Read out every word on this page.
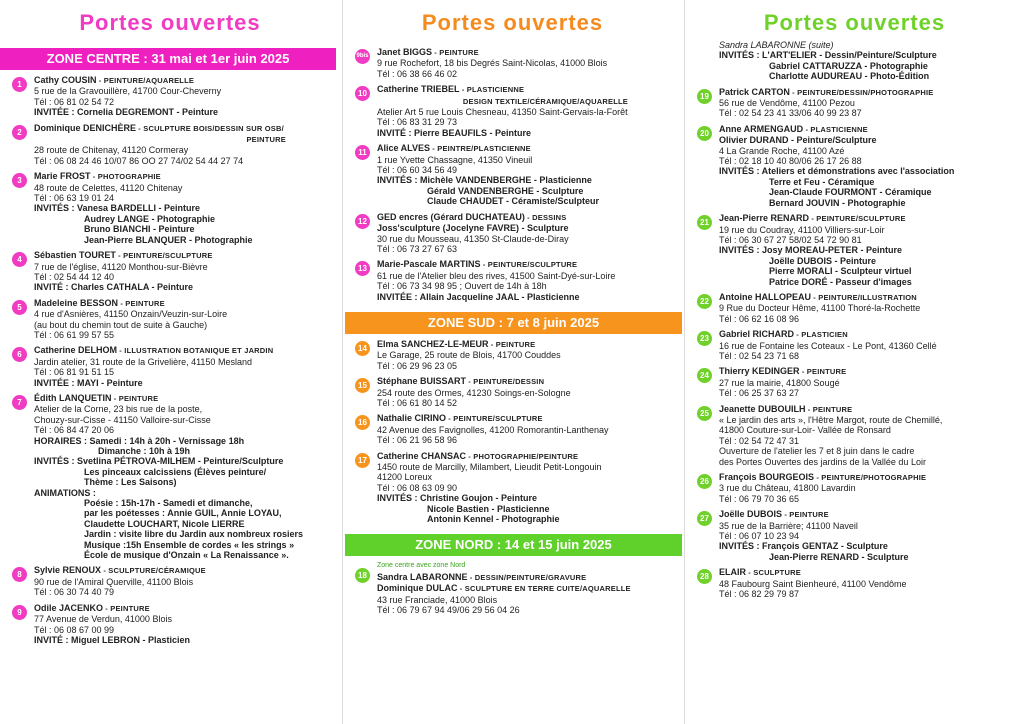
Portes ouvertes
ZONE CENTRE : 31 mai et 1er juin 2025
1	Cathy COUSIN - PEINTURE/AQUARELLE
5 rue de la Gravouillère, 41700 Cour-Cheverny
Tél : 06 81 02 54 72
INVITÉE : Cornelia DEGREMONT - Peinture
2	Dominique DENICHÈRE - SCULPTURE BOIS/DESSIN SUR OSB/
PEINTURE
28 route de Chitenay, 41120 Cormeray
Tél : 06 08 24 46 10/07 86 OO 27 74/02 54 44 27 74
3	Marie FROST - PHOTOGRAPHIE
48 route de Celettes, 41120 Chitenay
Tél : 06 63 19 01 24
INVITÉS : Vanesa BARDELLI - Peinture
Audrey LANGE - Photographie
Bruno BIANCHI - Peinture
Jean-Pierre BLANQUER - Photographie
4	Sébastien TOURET - PEINTURE/SCULPTURE
7 rue de l'église, 41120 Monthou-sur-Bièvre
Tél : 02 54 44 12 40
INVITÉ : Charles CATHALA - Peinture
5	Madeleine BESSON - PEINTURE
4 rue d'Asnières, 41150 Onzain/Veuzin-sur-Loire
(au bout du chemin tout de suite à Gauche)
Tél : 06 61 99 57 55
6	Catherine DELHOM - ILLUSTRATION BOTANIQUE ET JARDIN
Jardin atelier, 31 route de la Grivelière, 41150 Mesland
Tél : 06 81 91 51 15
INVITÉE : MAYI - Peinture
7	Édith LANQUETIN - PEINTURE
Atelier de la Corne, 23 bis rue de la poste,
Chouzy-sur-Cisse - 41150 Valloire-sur-Cisse
Tél : 06 84 47 20 06
HORAIRES : Samedi : 14h à 20h - Vernissage 18h
Dimanche : 10h à 19h
INVITÉS : Svetlina PÉTROVA-MILHEM - Peinture/Sculpture
Les pinceaux calcissiens (Élèves peinture/
Thème : Les Saisons)
ANIMATIONS :
Poésie : 15h-17h - Samedi et dimanche,
par les poétesses : Annie GUIL, Annie LOYAU,
Claudette LOUCHART, Nicole LIERRE
Jardin : visite libre du Jardin aux nombreux rosiers
Musique :15h Ensemble de cordes « les strings »
École de musique d'Onzain « La Renaissance ».
8	Sylvie RENOUX - SCULPTURE/CÉRAMIQUE
90 rue de l'Amiral Querville, 41100 Blois
Tél : 06 30 74 40 79
9	Odile JACENKO - PEINTURE
77 Avenue de Verdun, 41000 Blois
Tél : 06 08 67 00 99
INVITÉ : Miguel LEBRON - Plasticien
Portes ouvertes
9bis Janet BIGGS - PEINTURE
9 rue Rochefort, 18 bis Degrés Saint-Nicolas, 41000 Blois
Tél : 06 38 66 46 02
10	Catherine TRIEBEL - PLASTICIENNE
DESIGN TEXTILE/CÉRAMIQUE/AQUARELLE
Atelier Art 5 rue Louis Chesneau, 41350 Saint-Gervais-la-Forêt
Tél : 06 83 31 29 73
INVITÉ : Pierre BEAUFILS - Peinture
11	Alice ALVES - PEINTRE/PLASTICIENNE
1 rue Yvette Chassagne, 41350 Vineuil
Tél : 06 60 34 56 49
INVITÉS : Michèle VANDENBERGHE - Plasticienne
Gérald VANDENBERGHE - Sculpture
Claude CHAUDET - Céramiste/Sculpteur
12	GED encres (Gérard DUCHATEAU) - DESSINS
Joss'sculpture (Jocelyne FAVRE) - Sculpture
30 rue du Mousseau, 41350 St-Claude-de-Diray
Tél : 06 73 27 67 63
13	Marie-Pascale MARTINS - PEINTURE/SCULPTURE
61 rue de l'Atelier bleu des rives, 41500 Saint-Dyé-sur-Loire
Tél : 06 73 34 98 95 ; Ouvert de 14h à 18h
INVITÉE : Allain Jacqueline JAAL - Plasticienne
ZONE SUD : 7 et 8 juin 2025
14	Elma SANCHEZ-LE-MEUR - PEINTURE
Le Garage, 25 route de Blois, 41700 Couddes
Tél : 06 29 96 23 05
15	Stéphane BUISSART - PEINTURE/DESSIN
254 route des Ormes, 41230 Soings-en-Sologne
Tél : 06 61 80 14 52
16	Nathalie CIRINO - PEINTURE/SCULPTURE
42 Avenue des Favignolles, 41200 Romorantin-Lanthenay
Tél : 06 21 96 58 96
17	Catherine CHANSAC - PHOTOGRAPHIE/PEINTURE
1450 route de Marcilly, Milambert, Lieudit Petit-Longouin
41200 Loreux
Tél : 06 08 63 09 90
INVITÉS : Christine Goujon - Peinture
Nicole Bastien - Plasticienne
Antonin Kennel - Photographie
ZONE NORD : 14 et 15 juin 2025
18
Zone centre avec zone Nord
Sandra LABARONNE - DESSIN/PEINTURE/GRAVURE
Dominique DULAC - SCULPTURE EN TERRE CUITE/AQUARELLE
43 rue Franciade, 41000 Blois
Tél : 06 79 67 94 49/06 29 56 04 26
Portes ouvertes
Sandra LABARONNE (suite)
INVITÉS : L'ART'ELIER - Dessin/Peinture/Sculpture
Gabriel CATTARUZZA - Photographie
Charlotte AUDUREAU - Photo-Édition
19	Patrick CARTON - PEINTURE/DESSIN/PHOTOGRAPHIE
56 rue de Vendôme, 41100 Pezou
Tél : 02 54 23 41 33/06 40 99 23 87
20	Anne ARMENGAUD - PLASTICIENNE
Olivier DURAND - Peinture/Sculpture
4 La Grande Roche, 41100 Azé
Tél : 02 18 10 40 80/06 26 17 26 88
INVITÉS : Ateliers et démonstrations avec l'association
Terre et Feu - Céramique
Jean-Claude FOURMONT - Céramique
Bernard JOUVIN - Photographie
21	Jean-Pierre RENARD - PEINTURE/SCULPTURE
19 rue du Coudray, 41100 Villiers-sur-Loir
Tél : 06 30 67 27 58/02 54 72 90 81
INVITÉS : Josy MOREAU-PETER - Peinture
Joëlle DUBOIS - Peinture
Pierre MORALI - Sculpteur virtuel
Patrice DORÉ - Passeur d'images
22	Antoine HALLOPEAU - PEINTURE/ILLUSTRATION
9 Rue du Docteur Hême, 41100 Thoré-la-Rochette
Tél : 06 62 16 08 96
23	Gabriel RICHARD - PLASTICIEN
16 rue de Fontaine les Coteaux - Le Pont, 41360 Cellé
Tél : 02 54 23 71 68
24	Thierry KEDINGER - PEINTURE
27 rue la mairie, 41800 Sougé
Tél : 06 25 37 63 27
25	Jeanette DUBOUILH - PEINTURE
« Le jardin des arts », l'Hêtre Margot, route de Chemillé,
41800 Couture-sur-Loir- Vallée de Ronsard
Tél : 02 54 72 47 31
Ouverture de l'atelier les 7 et 8 juin dans le cadre
des Portes Ouvertes des jardins de la Vallée du Loir
26	François BOURGEOIS - PEINTURE/PHOTOGRAPHIE
3 rue du Château, 41800 Lavardin
Tél : 06 79 70 36 65
27	Joëlle DUBOIS - PEINTURE
35 rue de la Barrière; 41100 Naveil
Tél : 06 07 10 23 94
INVITÉS : François GENTAZ - Sculpture
Jean-Pierre RENARD - Sculpture
28	ELAIR - SCULPTURE
48 Faubourg Saint Bienheuré, 41100 Vendôme
Tél : 06 82 29 79 87
